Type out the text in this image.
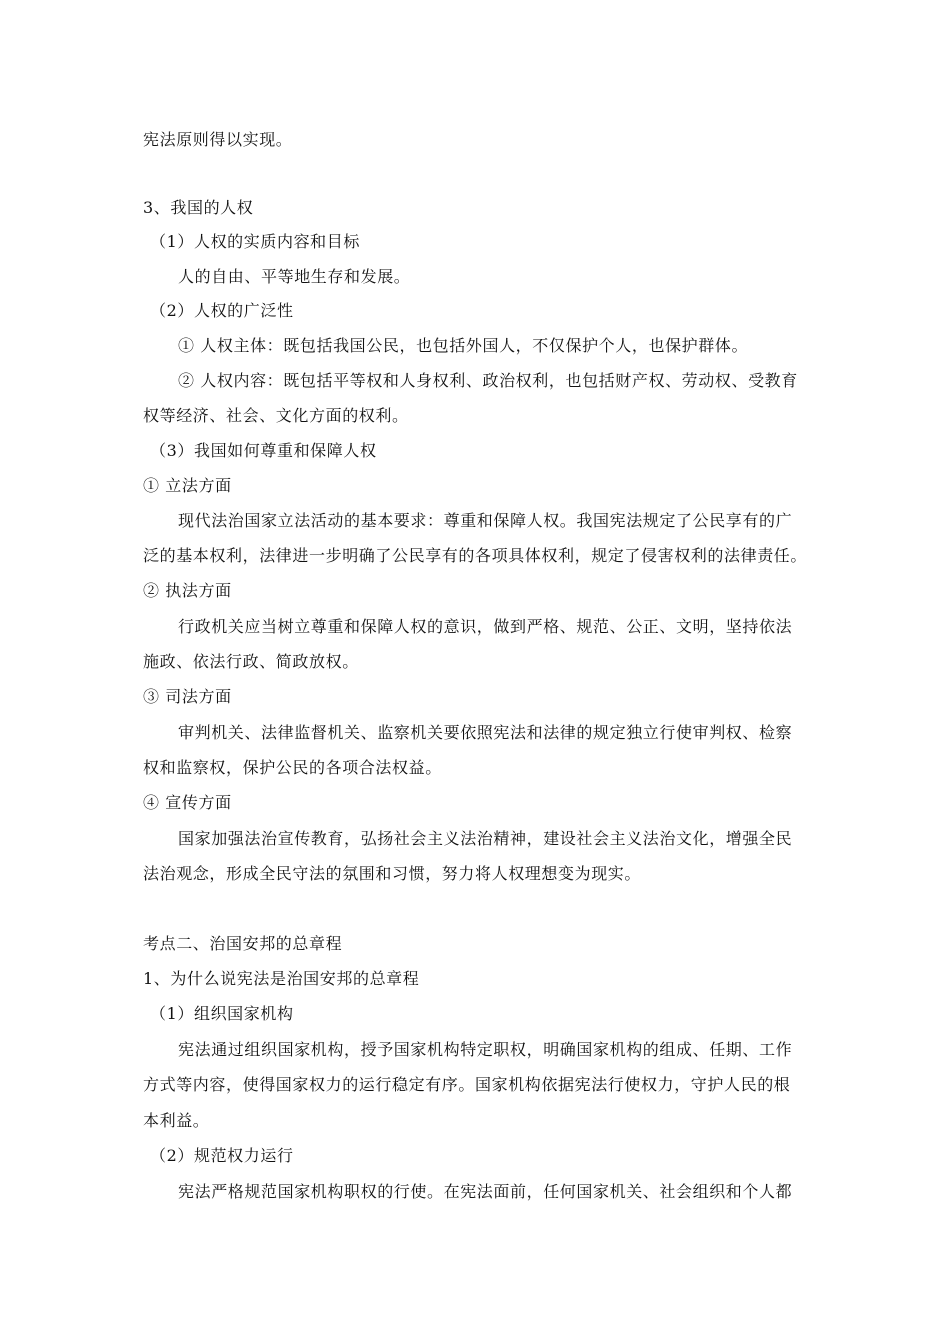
宪法原则得以实现。

3、我国的人权

（1）人权的实质内容和目标

人的自由、平等地生存和发展。

（2）人权的广泛性

① 人权主体：既包括我国公民，也包括外国人，不仅保护个人，也保护群体。

② 人权内容：既包括平等权和人身权利、政治权利，也包括财产权、劳动权、受教育

权等经济、社会、文化方面的权利。

（3）我国如何尊重和保障人权

① 立法方面

现代法治国家立法活动的基本要求：尊重和保障人权。我国宪法规定了公民享有的广

泛的基本权利，法律进一步明确了公民享有的各项具体权利，规定了侵害权利的法律责任。

② 执法方面

行政机关应当树立尊重和保障人权的意识，做到严格、规范、公正、文明，坚持依法

施政、依法行政、简政放权。

③ 司法方面

审判机关、法律监督机关、监察机关要依照宪法和法律的规定独立行使审判权、检察

权和监察权，保护公民的各项合法权益。

④ 宣传方面

国家加强法治宣传教育，弘扬社会主义法治精神，建设社会主义法治文化，增强全民

法治观念，形成全民守法的氛围和习惯，努力将人权理想变为现实。

考点二、治国安邦的总章程

1、为什么说宪法是治国安邦的总章程

（1）组织国家机构

宪法通过组织国家机构，授予国家机构特定职权，明确国家机构的组成、任期、工作

方式等内容，使得国家权力的运行稳定有序。国家机构依据宪法行使权力，守护人民的根

本利益。

（2）规范权力运行

宪法严格规范国家机构职权的行使。在宪法面前，任何国家机关、社会组织和个人都
